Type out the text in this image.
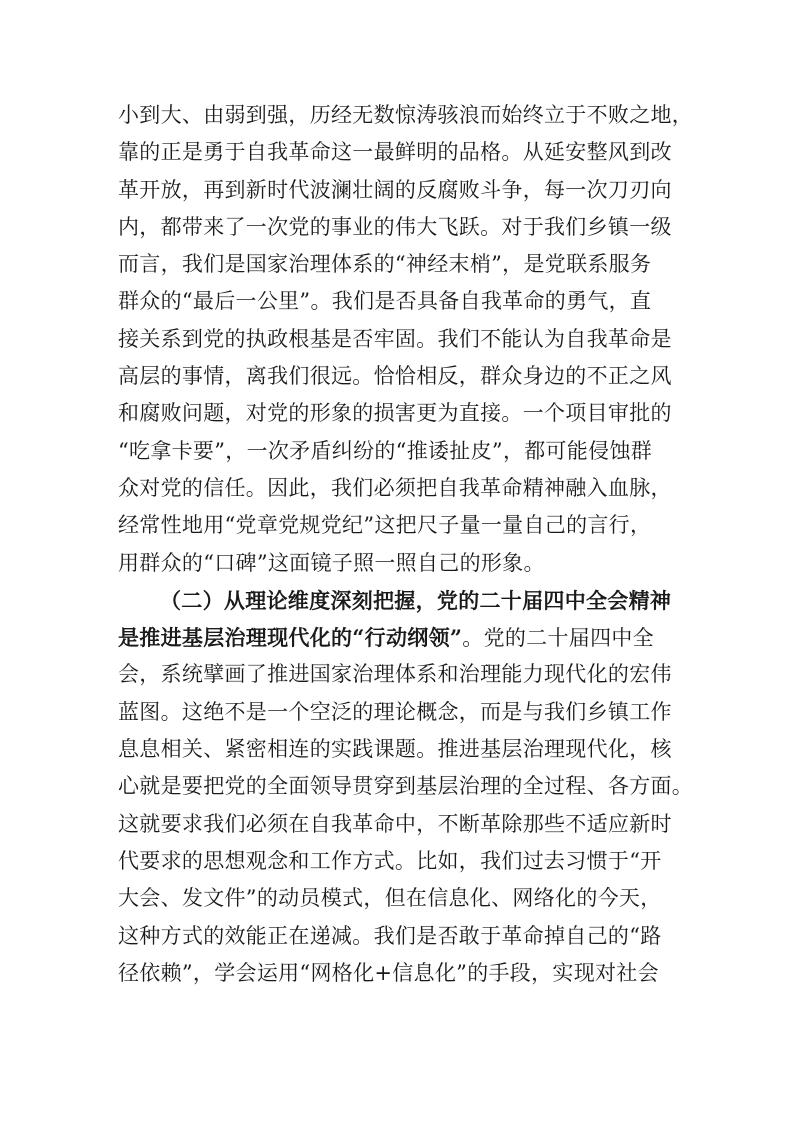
小到大、由弱到强，历经无数惊涛骇浪而始终立于不败之地，
靠的正是勇于自我革命这一最鲜明的品格。从延安整风到改
革开放，再到新时代波澜壮阔的反腐败斗争，每一次刀刃向
内，都带来了一次党的事业的伟大飞跃。对于我们乡镇一级
而言，我们是国家治理体系的“神经末梢”，是党联系服务
群众的“最后一公里”。我们是否具备自我革命的勇气，直
接关系到党的执政根基是否牢固。我们不能认为自我革命是
高层的事情，离我们很远。恰恰相反，群众身边的不正之风
和腐败问题，对党的形象的损害更为直接。一个项目审批的
“吃拿卡要”，一次矛盾纠纷的“推诿扯皮”，都可能侵蚀群
众对党的信任。因此，我们必须把自我革命精神融入血脉，
经常性地用“党章党规党纪”这把尺子量一量自己的言行，
用群众的“口碑”这面镜子照一照自己的形象。
（二）从理论维度深刻把握，党的二十届四中全会精神
是推进基层治理现代化的“行动纲领”。党的二十届四中全
会，系统擘画了推进国家治理体系和治理能力现代化的宏伟
蓝图。这绝不是一个空泛的理论概念，而是与我们乡镇工作
息息相关、紧密相连的实践课题。推进基层治理现代化，核
心就是要把党的全面领导贯穿到基层治理的全过程、各方面。
这就要求我们必须在自我革命中，不断革除那些不适应新时
代要求的思想观念和工作方式。比如，我们过去习惯于“开
大会、发文件”的动员模式，但在信息化、网络化的今天，
这种方式的效能正在递减。我们是否敢于革命掉自己的“路
径依赖”，学会运用“网格化+信息化”的手段，实现对社会
